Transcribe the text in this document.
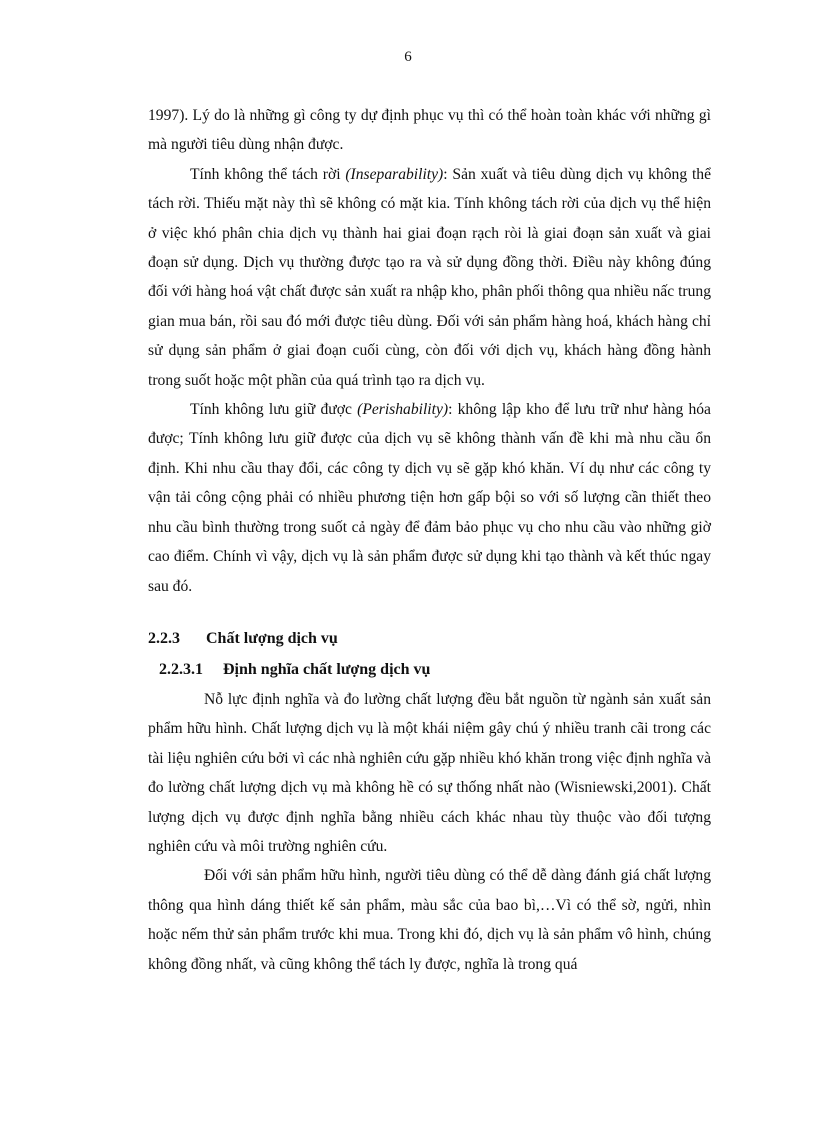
6

1997). Lý do là những gì công ty dự định phục vụ thì có thể hoàn toàn khác với những gì mà người tiêu dùng nhận được.

Tính không thể tách rời (Inseparability): Sản xuất và tiêu dùng dịch vụ không thể tách rời. Thiếu mặt này thì sẽ không có mặt kia. Tính không tách rời của dịch vụ thể hiện ở việc khó phân chia dịch vụ thành hai giai đoạn rạch ròi là giai đoạn sản xuất và giai đoạn sử dụng. Dịch vụ thường được tạo ra và sử dụng đồng thời. Điều này không đúng đối với hàng hoá vật chất được sản xuất ra nhập kho, phân phối thông qua nhiều nấc trung gian mua bán, rồi sau đó mới được tiêu dùng. Đối với sản phẩm hàng hoá, khách hàng chỉ sử dụng sản phẩm ở giai đoạn cuối cùng, còn đối với dịch vụ, khách hàng đồng hành trong suốt hoặc một phần của quá trình tạo ra dịch vụ.

Tính không lưu giữ được (Perishability): không lập kho để lưu trữ như hàng hóa được; Tính không lưu giữ được của dịch vụ sẽ không thành vấn đề khi mà nhu cầu ổn định. Khi nhu cầu thay đổi, các công ty dịch vụ sẽ gặp khó khăn. Ví dụ như các công ty vận tải công cộng phải có nhiều phương tiện hơn gấp bội so với số lượng cần thiết theo nhu cầu bình thường trong suốt cả ngày để đảm bảo phục vụ cho nhu cầu vào những giờ cao điểm. Chính vì vậy, dịch vụ là sản phẩm được sử dụng khi tạo thành và kết thúc ngay sau đó.

2.2.3	Chất lượng dịch vụ
2.2.3.1	Định nghĩa chất lượng dịch vụ

Nỗ lực định nghĩa và đo lường chất lượng đều bắt nguồn từ ngành sản xuất sản phẩm hữu hình. Chất lượng dịch vụ là một khái niệm gây chú ý nhiều tranh cãi trong các tài liệu nghiên cứu bởi vì các nhà nghiên cứu gặp nhiều khó khăn trong việc định nghĩa và đo lường chất lượng dịch vụ mà không hề có sự thống nhất nào (Wisniewski,2001). Chất lượng dịch vụ được định nghĩa bằng nhiều cách khác nhau tùy thuộc vào đối tượng nghiên cứu và môi trường nghiên cứu.

Đối với sản phẩm hữu hình, người tiêu dùng có thể dễ dàng đánh giá chất lượng thông qua hình dáng thiết kế sản phẩm, màu sắc của bao bì,…Vì có thể sờ, ngửi, nhìn hoặc nếm thử sản phẩm trước khi mua. Trong khi đó, dịch vụ là sản phẩm vô hình, chúng không đồng nhất, và cũng không thể tách ly được, nghĩa là trong quá
